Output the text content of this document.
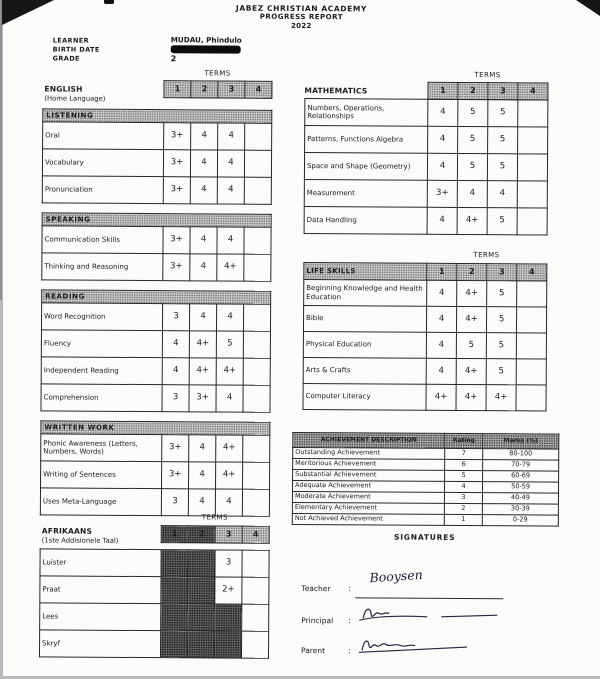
JABEZ CHRISTIAN ACADEMY
PROGRESS REPORT
2022
LEARNER
BIRTH DATE
GRADE
MUDAU, Phindulo
2
TERMS
ENGLISH
(Home Language)
1	2	3	4
LISTENING				
Oral	3+	4	4	
Vocabulary	3+	4	4	
Pronunciation	3+	4	4	
SPEAKING				
Communication Skills	3+	4	4	
Thinking and Reasoning	3+	4	4+	
READING				
Word Recognition	3	4	4	
Fluency	4	4+	5	
Independent Reading	4	4+	4+	
Comprehension	3	3+	4	
WRITTEN WORK				
Phonic Awareness (Letters, Numbers, Words)	3+	4	4+	
Writing of Sentences	3+	4	4+	
Uses Meta-Language	3	4	4	
TERMS
AFRIKAANS
(1ste Addisionele Taal)
1	2	3	4
Luister			3	
Praat			2+	
Lees				
Skryf				
TERMS
MATHEMATICS	1	2	3	4
Numbers, Operations, Relationships	4	5	5	
Patterns, Functions Algebra	4	5	5	
Space and Shape (Geometry)	4	5	5	
Measurement	3+	4	4	
Data Handling	4	4+	5	
TERMS
LIFE SKILLS	1	2	3	4
Beginning Knowledge and Health Education	4	4+	5	
Bible	4	4+	5	
Physical Education	4	5	5	
Arts & Crafts	4	4+	5	
Computer Literacy	4+	4+	4+	
ACHIEVEMENT DESCRIPTION	Rating	Marks (%)
Outstanding Achievement	7	80-100
Meritorious Achievement	6	70-79
Substantial Achievement	5	60-69
Adequate Achievement	4	50-59
Moderate Achievement	3	40-49
Elementary Achievement	2	30-39
Not Achieved Achievement	1	0-29
SIGNATURES
Teacher :
Booysen
Principal :
Parent	:
